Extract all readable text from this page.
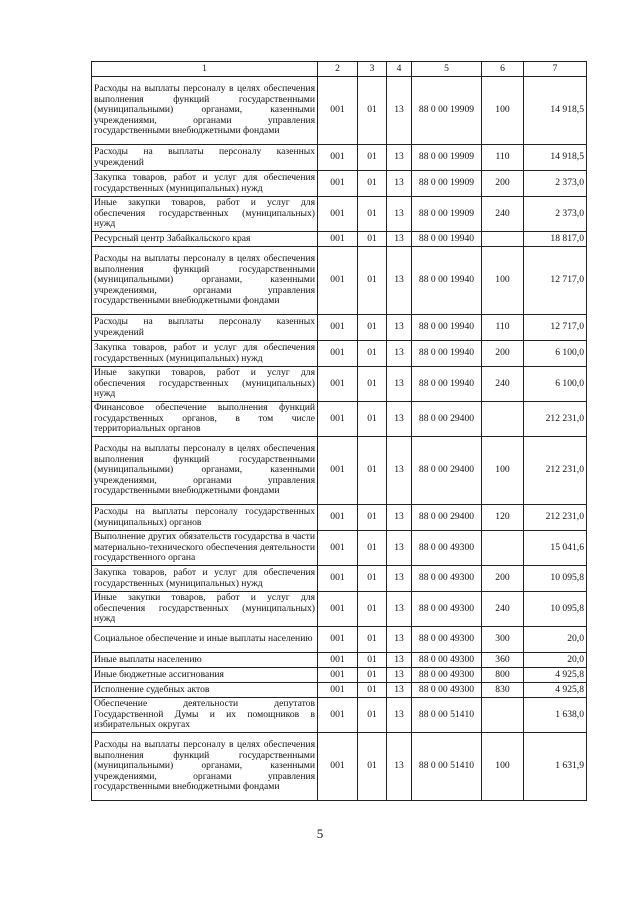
1	2	3	4	5	6	7
Расходы на выплаты персоналу в целях обеспечения выполнения функций государственными (муниципальными) органами, казенными учреждениями, органами управления государственными внебюджетными фондами	001	01	13	88 0 00 19909	100	14 918,5
Расходы на выплаты персоналу казенных учреждений	001	01	13	88 0 00 19909	110	14 918,5
Закупка товаров, работ и услуг для обеспечения государственных (муниципальных) нужд	001	01	13	88 0 00 19909	200	2 373,0
Иные закупки товаров, работ и услуг для обеспечения государственных (муниципальных) нужд	001	01	13	88 0 00 19909	240	2 373,0
Ресурсный центр Забайкальского края	001	01	13	88 0 00 19940		18 817,0
Расходы на выплаты персоналу в целях обеспечения выполнения функций государственными (муниципальными) органами, казенными учреждениями, органами управления государственными внебюджетными фондами	001	01	13	88 0 00 19940	100	12 717,0
Расходы на выплаты персоналу казенных учреждений	001	01	13	88 0 00 19940	110	12 717,0
Закупка товаров, работ и услуг для обеспечения государственных (муниципальных) нужд	001	01	13	88 0 00 19940	200	6 100,0
Иные закупки товаров, работ и услуг для обеспечения государственных (муниципальных) нужд	001	01	13	88 0 00 19940	240	6 100,0
Финансовое обеспечение выполнения функций государственных органов, в том числе территориальных органов	001	01	13	88 0 00 29400		212 231,0
Расходы на выплаты персоналу в целях обеспечения выполнения функций государственными (муниципальными) органами, казенными учреждениями, органами управления государственными внебюджетными фондами	001	01	13	88 0 00 29400	100	212 231,0
Расходы на выплаты персоналу государственных (муниципальных) органов	001	01	13	88 0 00 29400	120	212 231,0
Выполнение других обязательств государства в части материально-технического обеспечения деятельности государственного органа	001	01	13	88 0 00 49300		15 041,6
Закупка товаров, работ и услуг для обеспечения государственных (муниципальных) нужд	001	01	13	88 0 00 49300	200	10 095,8
Иные закупки товаров, работ и услуг для обеспечения государственных (муниципальных) нужд	001	01	13	88 0 00 49300	240	10 095,8
Социальное обеспечение и иные выплаты населению	001	01	13	88 0 00 49300	300	20,0
Иные выплаты населению	001	01	13	88 0 00 49300	360	20,0
Иные бюджетные ассигнования	001	01	13	88 0 00 49300	800	4 925,8
Исполнение судебных актов	001	01	13	88 0 00 49300	830	4 925,8
Обеспечение деятельности депутатов Государственной Думы и их помощников в избирательных округах	001	01	13	88 0 00 51410		1 638,0
Расходы на выплаты персоналу в целях обеспечения выполнения функций государственными (муниципальными) органами, казенными учреждениями, органами управления государственными внебюджетными фондами	001	01	13	88 0 00 51410	100	1 631,9
5
